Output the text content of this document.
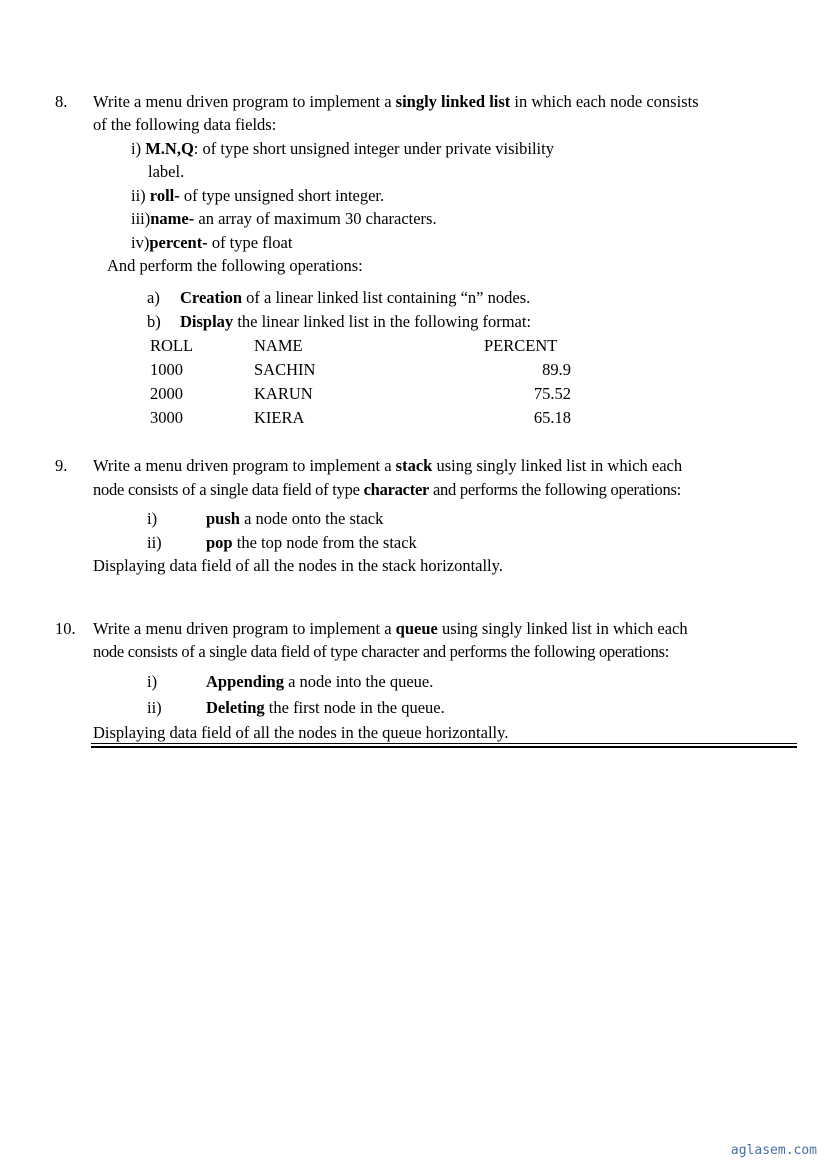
8. Write a menu driven program to implement a singly linked list in which each node consists
of the following data fields:
i) M.N,Q: of type short unsigned integer under private visibility
label.
ii) roll- of type unsigned short integer.
iii)name- an array of maximum 30 characters.
iv)percent- of type float
And perform the following operations:
a) Creation of a linear linked list containing “n” nodes.
b) Display the linear linked list in the following format:
ROLL	NAME	PERCENT
1000	SACHIN	89.9
2000	KARUN	75.52
3000	KIERA	65.18
9. Write a menu driven program to implement a stack using singly linked list in which each
node consists of a single data field of type character and performs the following operations:
i)	push a node onto the stack
ii)	pop the top node from the stack
Displaying data field of all the nodes in the stack horizontally.
10. Write a menu driven program to implement a queue using singly linked list in which each
node consists of a single data field of type character and performs the following operations:
i)	Appending a node into the queue.
ii)	Deleting the first node in the queue.
Displaying data field of all the nodes in the queue horizontally.
aglasem.com
